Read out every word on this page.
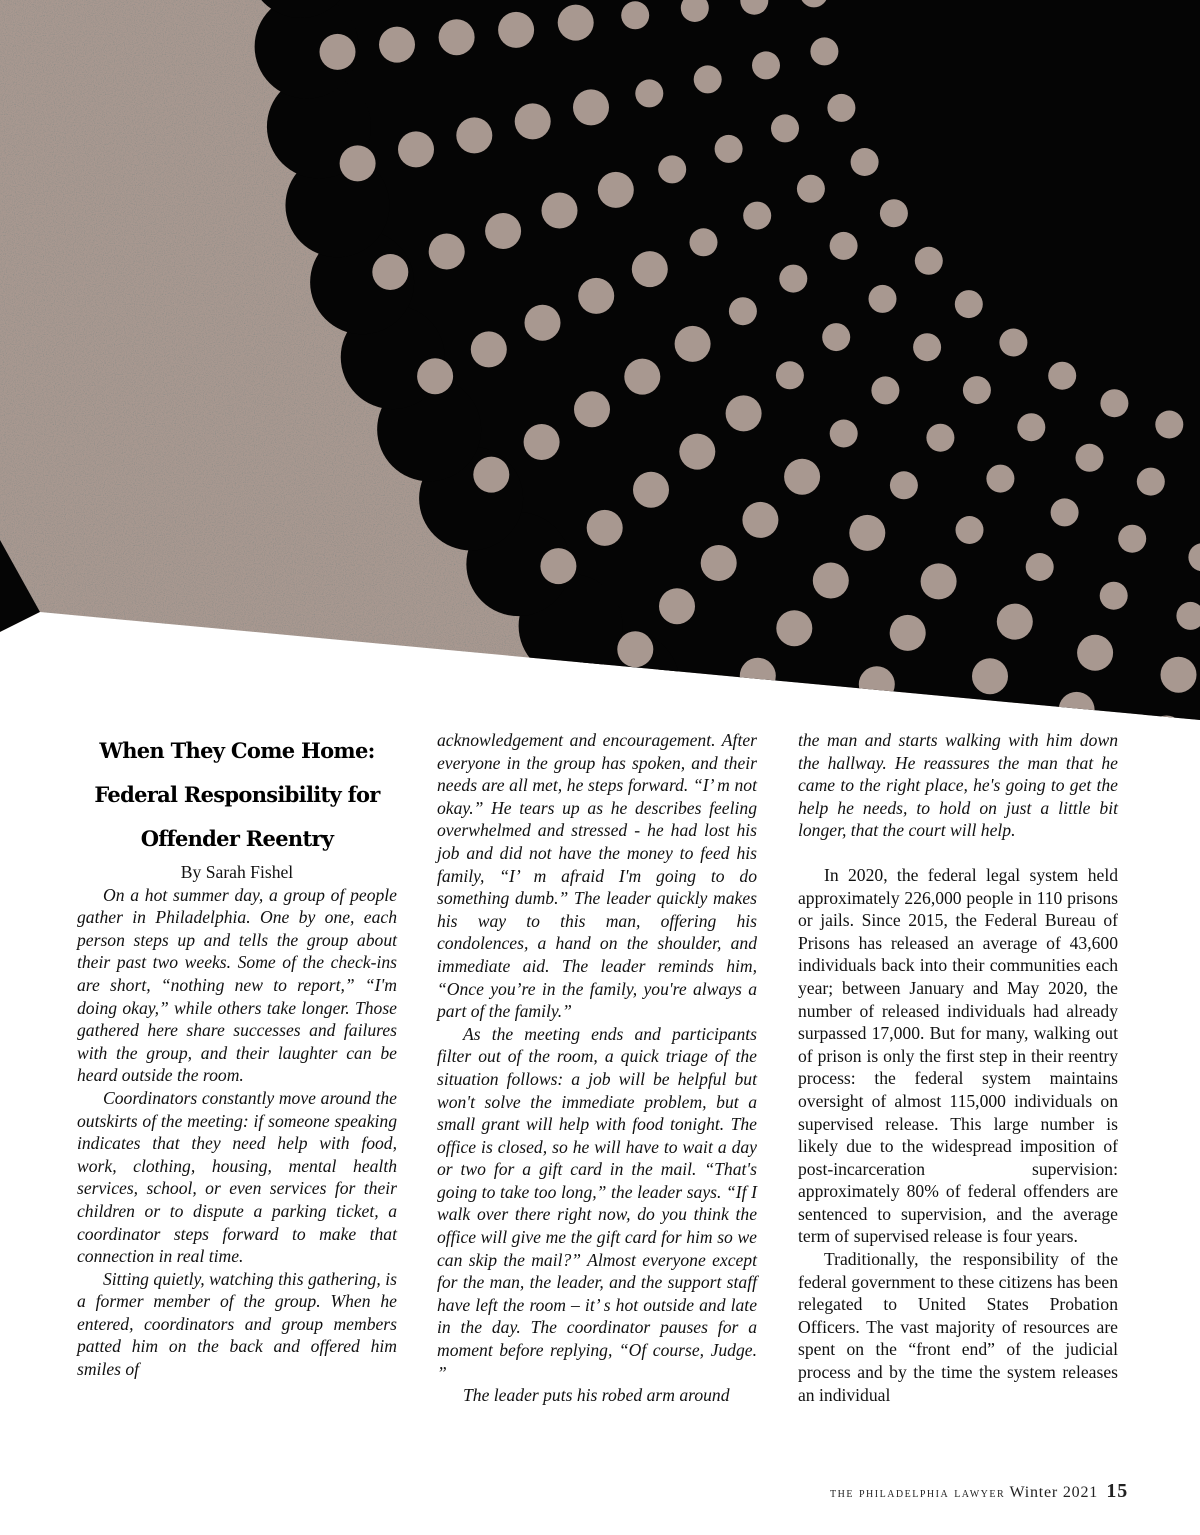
When They Come Home:
Federal Responsibility for
Offender Reentry

By Sarah Fishel

On a hot summer day, a group of people gather in Philadelphia. One by one, each person steps up and tells the group about their past two weeks. Some of the check-ins are short, “nothing new to report,” “I'm doing okay,” while others take longer. Those gathered here share successes and failures with the group, and their laughter can be heard outside the room.

Coordinators constantly move around the outskirts of the meeting: if someone speaking indicates that they need help with food, work, clothing, housing, mental health services, school, or even services for their children or to dispute a parking ticket, a coordinator steps forward to make that connection in real time.

Sitting quietly, watching this gathering, is a former member of the group. When he entered, coordinators and group members patted him on the back and offered him smiles of

acknowledgement and encouragement. After everyone in the group has spoken, and their needs are all met, he steps forward. “I’ m not okay.” He tears up as he describes feeling overwhelmed and stressed - he had lost his job and did not have the money to feed his family, “I’ m afraid I'm going to do something dumb.” The leader quickly makes his way to this man, offering his condolences, a hand on the shoulder, and immediate aid. The leader reminds him, “Once you’re in the family, you're always a part of the family.”

As the meeting ends and participants filter out of the room, a quick triage of the situation follows: a job will be helpful but won't solve the immediate problem, but a small grant will help with food tonight. The office is closed, so he will have to wait a day or two for a gift card in the mail. “That's going to take too long,” the leader says. “If I walk over there right now, do you think the office will give me the gift card for him so we can skip the mail?” Almost everyone except for the man, the leader, and the support staff have left the room – it’ s hot outside and late in the day. The coordinator pauses for a moment before replying, “Of course, Judge. ”

The leader puts his robed arm around

the man and starts walking with him down the hallway. He reassures the man that he came to the right place, he's going to get the help he needs, to hold on just a little bit longer, that the court will help.

In 2020, the federal legal system held approximately 226,000 people in 110 prisons or jails. Since 2015, the Federal Bureau of Prisons has released an average of 43,600 individuals back into their communities each year; between January and May 2020, the number of released individuals had already surpassed 17,000. But for many, walking out of prison is only the first step in their reentry process: the federal system maintains oversight of almost 115,000 individuals on supervised release. This large number is likely due to the widespread imposition of post-incarceration supervision: approximately 80% of federal offenders are sentenced to supervision, and the average term of supervised release is four years.

Traditionally, the responsibility of the federal government to these citizens has been relegated to United States Probation Officers. The vast majority of resources are spent on the “front end” of the judicial process and by the time the system releases an individual

the philadelphia lawyer Winter 2021 15
